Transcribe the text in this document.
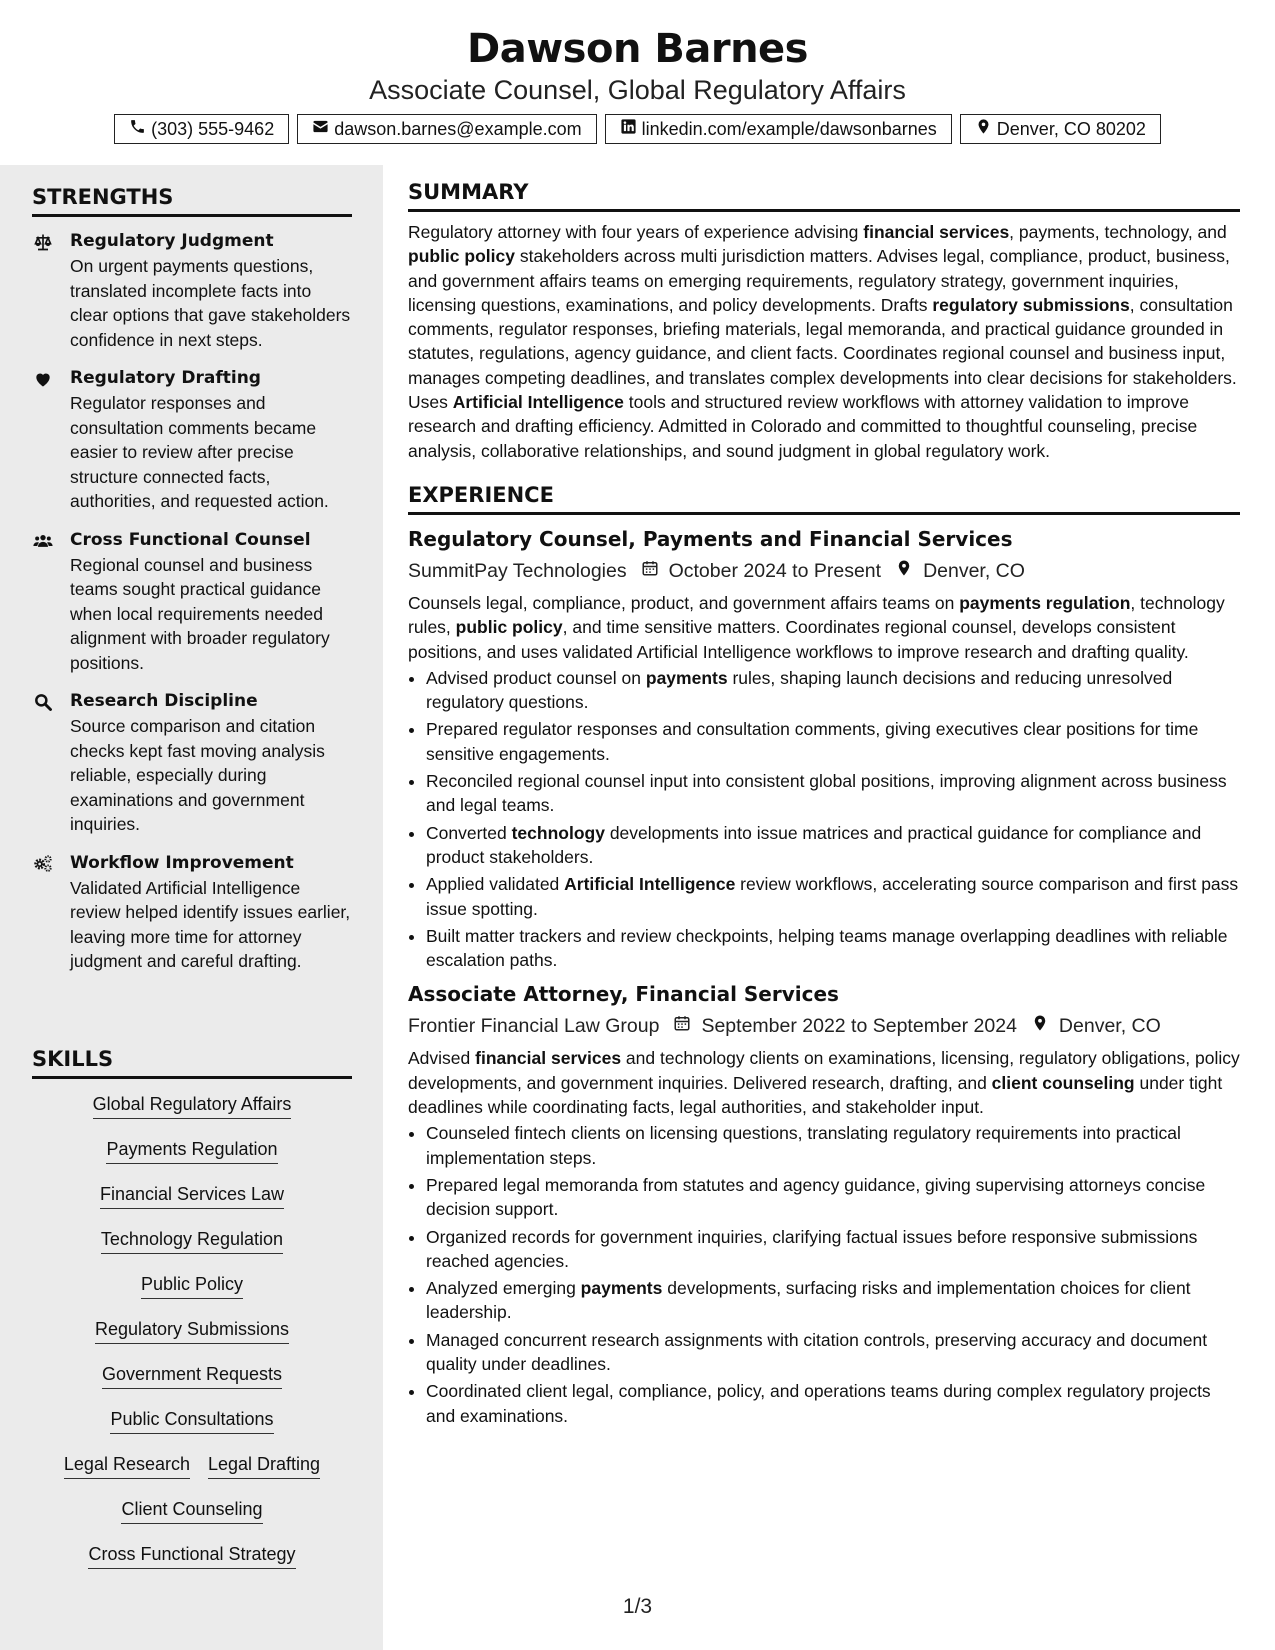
Dawson Barnes
Associate Counsel, Global Regulatory Affairs
(303) 555-9462	dawson.barnes@example.com	linkedin.com/example/dawsonbarnes	Denver, CO 80202
STRENGTHS
Regulatory Judgment
On urgent payments questions, translated incomplete facts into clear options that gave stakeholders confidence in next steps.
Regulatory Drafting
Regulator responses and consultation comments became easier to review after precise structure connected facts, authorities, and requested action.
Cross Functional Counsel
Regional counsel and business teams sought practical guidance when local requirements needed alignment with broader regulatory positions.
Research Discipline
Source comparison and citation checks kept fast moving analysis reliable, especially during examinations and government inquiries.
Workflow Improvement
Validated Artificial Intelligence review helped identify issues earlier, leaving more time for attorney judgment and careful drafting.
SKILLS
Global Regulatory Affairs
Payments Regulation
Financial Services Law
Technology Regulation
Public Policy
Regulatory Submissions
Government Requests
Public Consultations
Legal Research Legal Drafting
Client Counseling
Cross Functional Strategy
SUMMARY
Regulatory attorney with four years of experience advising financial services, payments, technology, and public policy stakeholders across multi jurisdiction matters. Advises legal, compliance, product, business, and government affairs teams on emerging requirements, regulatory strategy, government inquiries, licensing questions, examinations, and policy developments. Drafts regulatory submissions, consultation comments, regulator responses, briefing materials, legal memoranda, and practical guidance grounded in statutes, regulations, agency guidance, and client facts. Coordinates regional counsel and business input, manages competing deadlines, and translates complex developments into clear decisions for stakeholders. Uses Artificial Intelligence tools and structured review workflows with attorney validation to improve research and drafting efficiency. Admitted in Colorado and committed to thoughtful counseling, precise analysis, collaborative relationships, and sound judgment in global regulatory work.
EXPERIENCE
Regulatory Counsel, Payments and Financial Services
SummitPay Technologies October 2024 to Present Denver, CO
Counsels legal, compliance, product, and government affairs teams on payments regulation, technology rules, public policy, and time sensitive matters. Coordinates regional counsel, develops consistent positions, and uses validated Artificial Intelligence workflows to improve research and drafting quality.
• Advised product counsel on payments rules, shaping launch decisions and reducing unresolved regulatory questions.
• Prepared regulator responses and consultation comments, giving executives clear positions for time sensitive engagements.
• Reconciled regional counsel input into consistent global positions, improving alignment across business and legal teams.
• Converted technology developments into issue matrices and practical guidance for compliance and product stakeholders.
• Applied validated Artificial Intelligence review workflows, accelerating source comparison and first pass issue spotting.
• Built matter trackers and review checkpoints, helping teams manage overlapping deadlines with reliable escalation paths.
Associate Attorney, Financial Services
Frontier Financial Law Group September 2022 to September 2024 Denver, CO
Advised financial services and technology clients on examinations, licensing, regulatory obligations, policy developments, and government inquiries. Delivered research, drafting, and client counseling under tight deadlines while coordinating facts, legal authorities, and stakeholder input.
• Counseled fintech clients on licensing questions, translating regulatory requirements into practical implementation steps.
• Prepared legal memoranda from statutes and agency guidance, giving supervising attorneys concise decision support.
• Organized records for government inquiries, clarifying factual issues before responsive submissions reached agencies.
• Analyzed emerging payments developments, surfacing risks and implementation choices for client leadership.
• Managed concurrent research assignments with citation controls, preserving accuracy and document quality under deadlines.
• Coordinated client legal, compliance, policy, and operations teams during complex regulatory projects and examinations.
1/3
